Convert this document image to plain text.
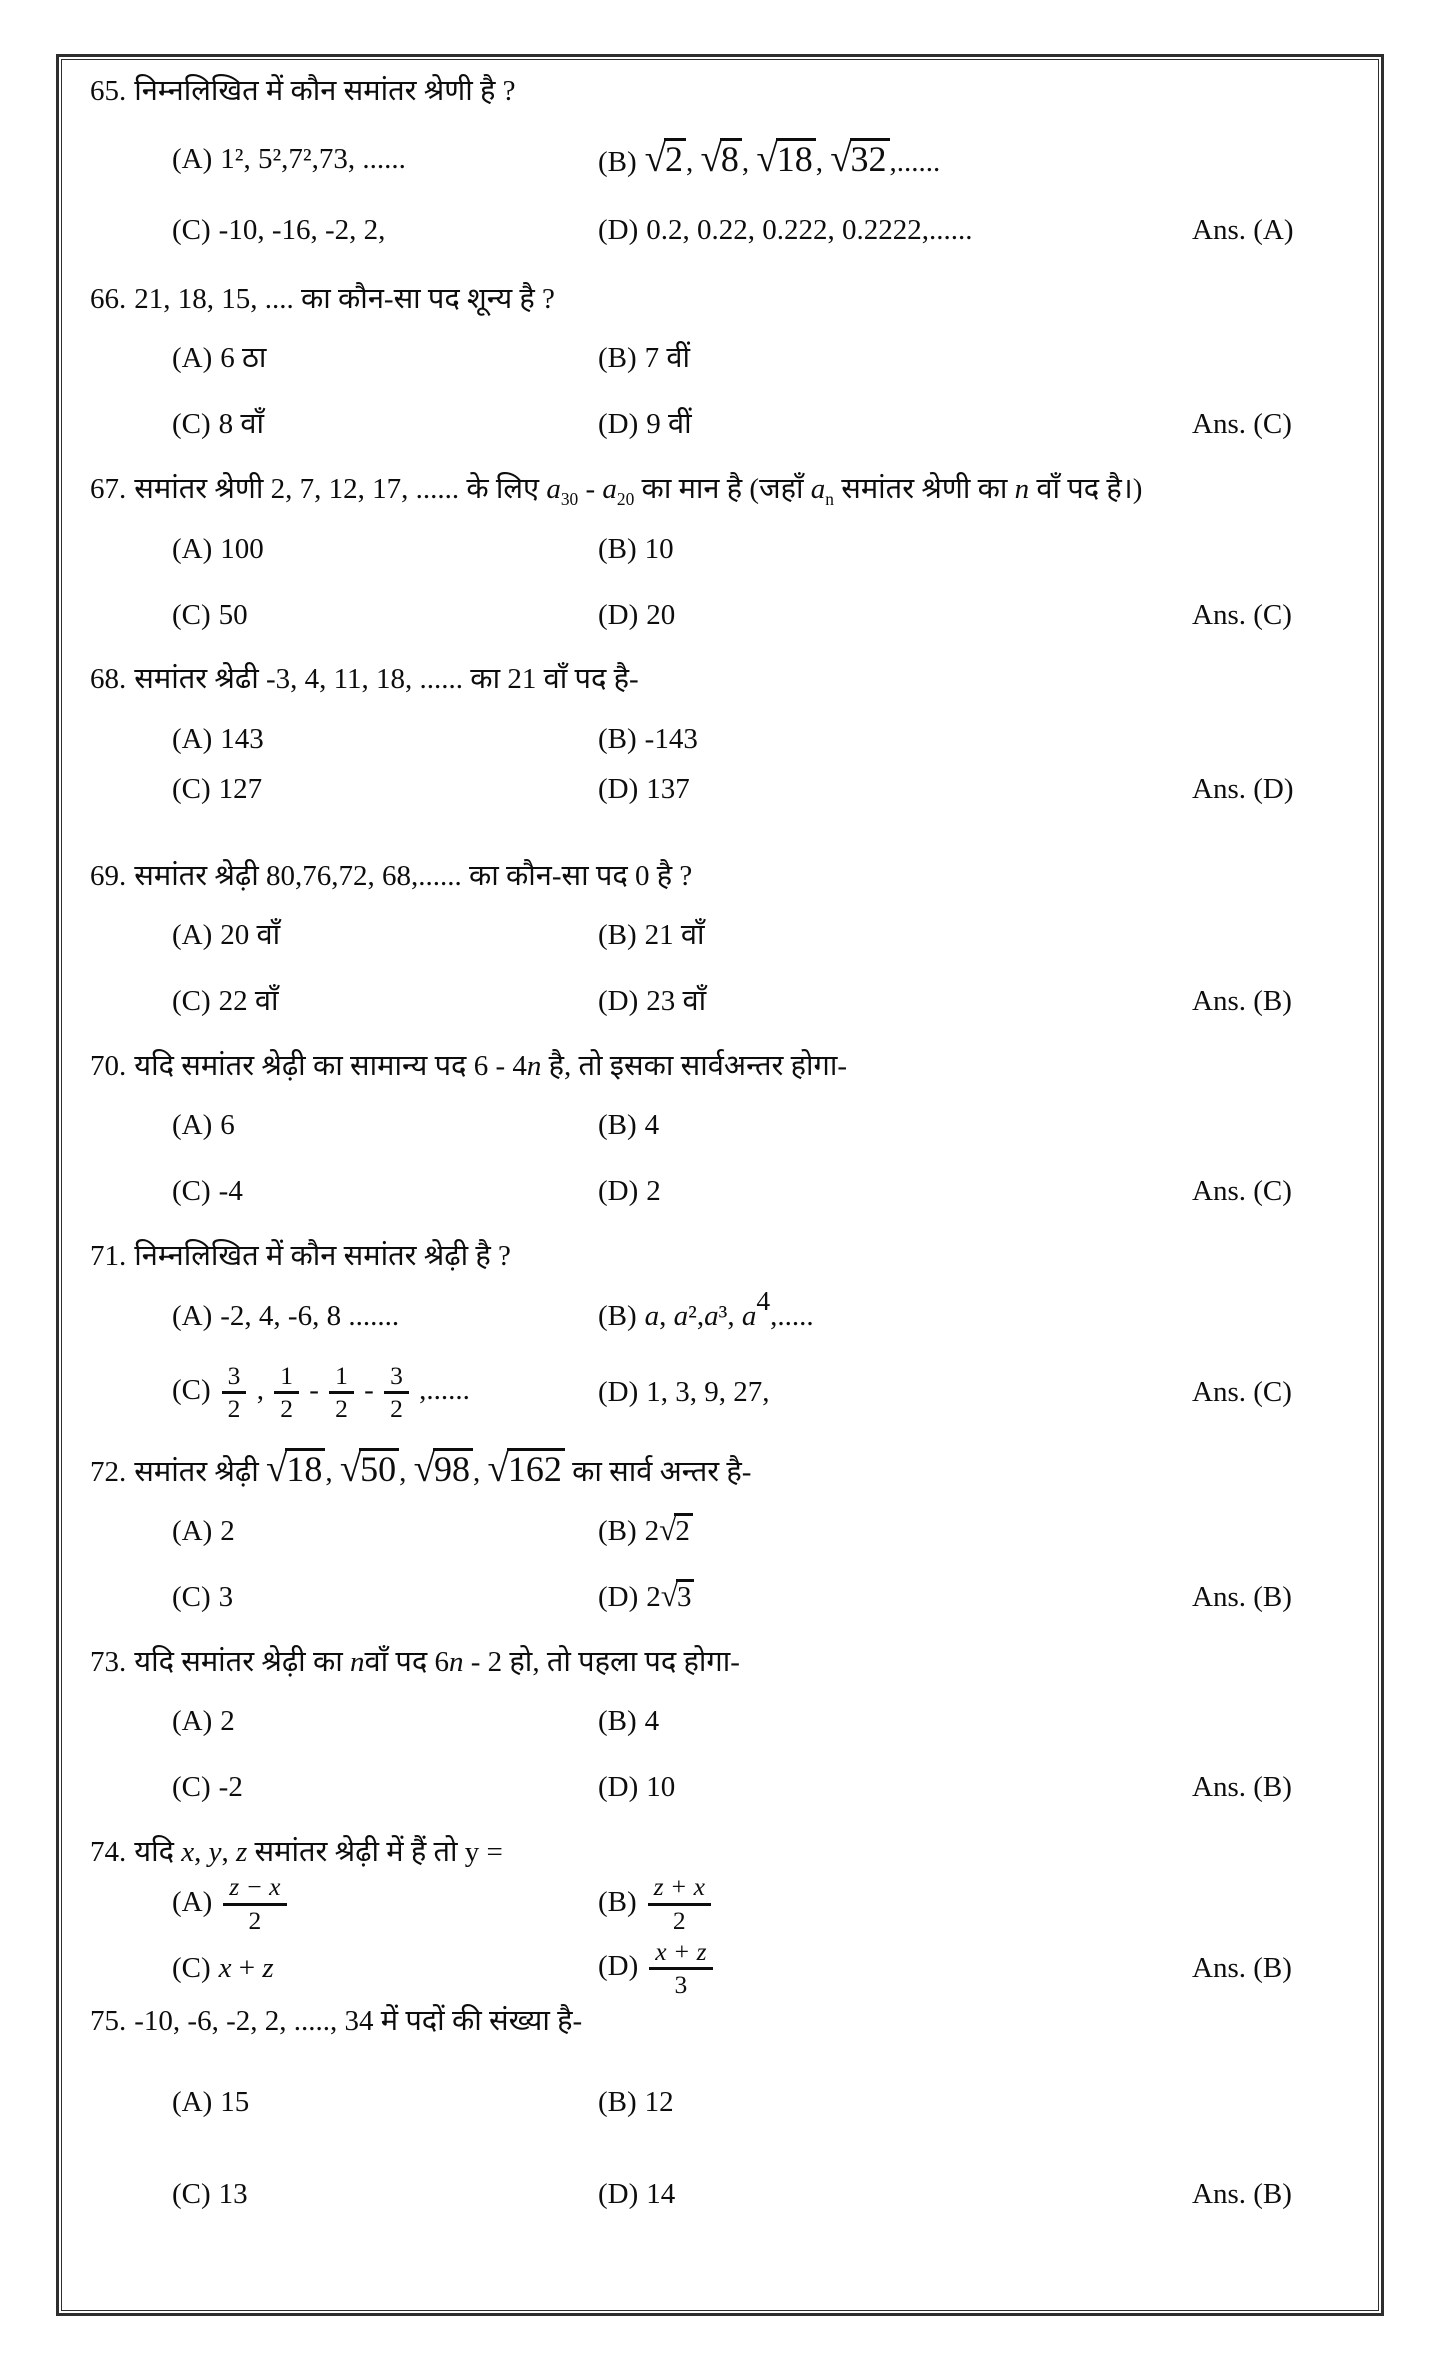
65. निम्नलिखित में कौन समांतर श्रेणी है ?

(A) 1², 5²,7²,73, ......	(B) √2 , √8 , √18 , √32 ,......
(C) -10, -16, -2, 2,	(D) 0.2, 0.22, 0.222, 0.2222,......	Ans. (A)

66. 21, 18, 15, .... का कौन-सा पद शून्य है ?

(A) 6 ठा	(B) 7 वीं
(C) 8 वाँ	(D) 9 वीं	Ans. (C)

67. समांतर श्रेणी 2, 7, 12, 17, ...... के लिए $a_{30} - a_{20}$ का मान है (जहाँ $a_n$ समांतर श्रेणी का n वाँ पद है।)

(A) 100	(B) 10
(C) 50	(D) 20	Ans. (C)

68. समांतर श्रेढी -3, 4, 11, 18, ...... का 21 वाँ पद है-

(A) 143	(B) -143
(C) 127	(D) 137	Ans. (D)

69. समांतर श्रेढ़ी 80,76,72, 68,...... का कौन-सा पद 0 है ?

(A) 20 वाँ	(B) 21 वाँ
(C) 22 वाँ	(D) 23 वाँ	Ans. (B)

70. यदि समांतर श्रेढ़ी का सामान्य पद 6 - 4n है, तो इसका सार्वअन्तर होगा-

(A) 6	(B) 4
(C) -4	(D) 2	Ans. (C)

71. निम्नलिखित में कौन समांतर श्रेढ़ी है ?

(A) -2, 4, -6, 8 .......	(B) a, a²,a³, $a^4$,.....
$(C) \frac{3}{2}$ , $\frac{1}{2} - \frac{1}{2} - \frac{3}{2}$ ,......	(D) 1, 3, 9, 27,	Ans. (C)

72. समांतर श्रेढ़ी √18 , √50 , √98 , √162 का सार्व अन्तर है-

(A) 2	(B) 2√2
(C) 3	(D) 2√3	Ans. (B)

73. यदि समांतर श्रेढ़ी का nवाँ पद 6n - 2 हो, तो पहला पद होगा-

(A) 2	(B) 4
(C) -2	(D) 10	Ans. (B)

74. यदि x, y, z समांतर श्रेढ़ी में हैं तो y =

$(A) \frac{z - x}{2}$	$(B) \frac{z + x}{2}$
(C) x + z	$(D) \frac{x + z}{3}$	Ans. (B)

75. -10, -6, -2, 2, ....., 34 में पदों की संख्या है-

(A) 15	(B) 12
(C) 13	(D) 14	Ans. (B)
